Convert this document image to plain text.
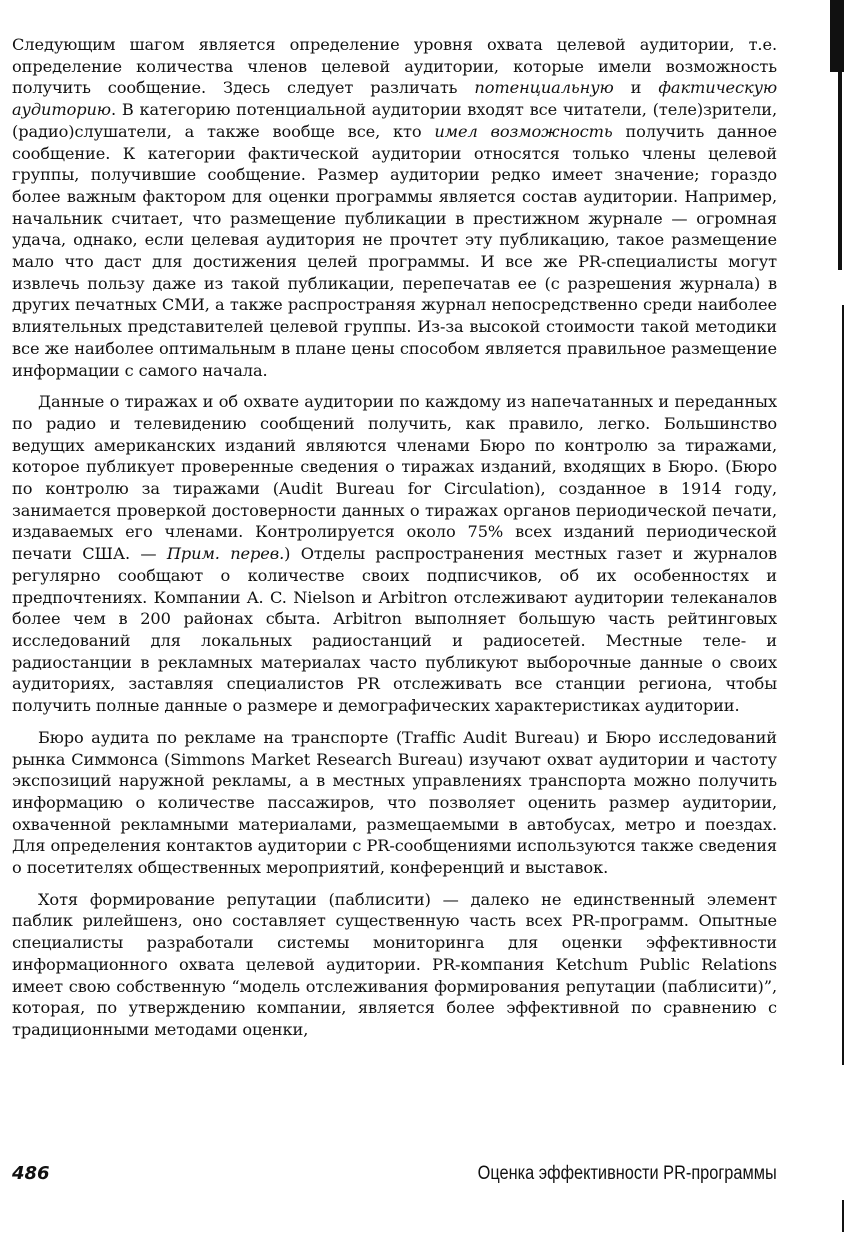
Следующим шагом является определение уровня охвата целевой аудитории, т.е. определение количества членов целевой аудитории, которые имели возможность получить сообщение. Здесь следует различать потенциальную и фактическую аудиторию. В категорию потенциальной аудитории входят все читатели, (теле)зрители, (радио)слушатели, а также вообще все, кто имел возможность получить данное сообщение. К категории фактической аудитории относятся только члены целевой группы, получившие сообщение. Размер аудитории редко имеет значение; гораздо более важным фактором для оценки программы является состав аудитории. Например, начальник считает, что размещение публикации в престижном журнале — огромная удача, однако, если целевая аудитория не прочтет эту публикацию, такое размещение мало что даст для достижения целей программы. И все же PR-специалисты могут извлечь пользу даже из такой публикации, перепечатав ее (с разрешения журнала) в других печатных СМИ, а также распространяя журнал непосредственно среди наиболее влиятельных представителей целевой группы. Из-за высокой стоимости такой методики все же наиболее оптимальным в плане цены способом является правильное размещение информации с самого начала.

Данные о тиражах и об охвате аудитории по каждому из напечатанных и переданных по радио и телевидению сообщений получить, как правило, легко. Большинство ведущих американских изданий являются членами Бюро по контролю за тиражами, которое публикует проверенные сведения о тиражах изданий, входящих в Бюро. (Бюро по контролю за тиражами (Audit Bureau for Circulation), созданное в 1914 году, занимается проверкой достоверности данных о тиражах органов периодической печати, издаваемых его членами. Контролируется около 75% всех изданий периодической печати США. — Прим. перев.) Отделы распространения местных газет и журналов регулярно сообщают о количестве своих подписчиков, об их особенностях и предпочтениях. Компании A. C. Nielson и Arbitron отслеживают аудитории телеканалов более чем в 200 районах сбыта. Arbitron выполняет большую часть рейтинговых исследований для локальных радиостанций и радиосетей. Местные теле- и радиостанции в рекламных материалах часто публикуют выборочные данные о своих аудиториях, заставляя специалистов PR отслеживать все станции региона, чтобы получить полные данные о размере и демографических характеристиках аудитории.

Бюро аудита по рекламе на транспорте (Traffic Audit Bureau) и Бюро исследований рынка Симмонса (Simmons Market Research Bureau) изучают охват аудитории и частоту экспозиций наружной рекламы, а в местных управлениях транспорта можно получить информацию о количестве пассажиров, что позволяет оценить размер аудитории, охваченной рекламными материалами, размещаемыми в автобусах, метро и поездах. Для определения контактов аудитории с PR-сообщениями используются также сведения о посетителях общественных мероприятий, конференций и выставок.

Хотя формирование репутации (паблисити) — далеко не единственный элемент паблик рилейшенз, оно составляет существенную часть всех PR-программ. Опытные специалисты разработали системы мониторинга для оценки эффективности информационного охвата целевой аудитории. PR-компания Ketchum Public Relations имеет свою собственную “модель отслеживания формирования репутации (паблисити)”, которая, по утверждению компании, является более эффективной по сравнению с традиционными методами оценки,

486	Оценка эффективности PR-программы
